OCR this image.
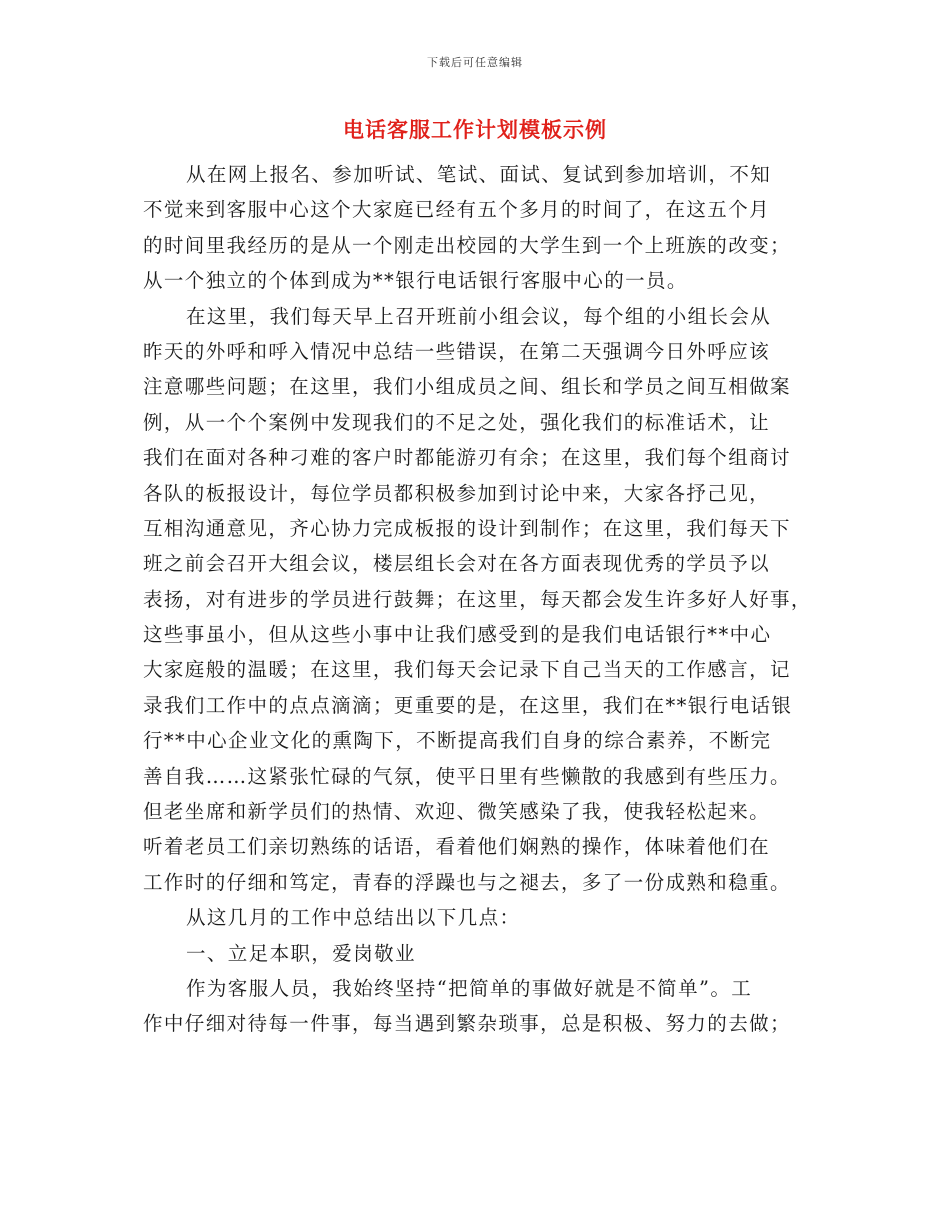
下载后可任意编辑
电话客服工作计划模板示例
从在网上报名、参加听试、笔试、面试、复试到参加培训，不知
不觉来到客服中心这个大家庭已经有五个多月的时间了，在这五个月
的时间里我经历的是从一个刚走出校园的大学生到一个上班族的改变；
从一个独立的个体到成为**银行电话银行客服中心的一员。
在这里，我们每天早上召开班前小组会议，每个组的小组长会从
昨天的外呼和呼入情况中总结一些错误，在第二天强调今日外呼应该
注意哪些问题；在这里，我们小组成员之间、组长和学员之间互相做案
例，从一个个案例中发现我们的不足之处，强化我们的标准话术，让
我们在面对各种刁难的客户时都能游刃有余；在这里，我们每个组商讨
各队的板报设计，每位学员都积极参加到讨论中来，大家各抒己见，
互相沟通意见，齐心协力完成板报的设计到制作；在这里，我们每天下
班之前会召开大组会议，楼层组长会对在各方面表现优秀的学员予以
表扬，对有进步的学员进行鼓舞；在这里，每天都会发生许多好人好事，
这些事虽小，但从这些小事中让我们感受到的是我们电话银行**中心
大家庭般的温暖；在这里，我们每天会记录下自己当天的工作感言，记
录我们工作中的点点滴滴；更重要的是，在这里，我们在**银行电话银
行**中心企业文化的熏陶下，不断提高我们自身的综合素养，不断完
善自我……这紧张忙碌的气氛，使平日里有些懒散的我感到有些压力。
但老坐席和新学员们的热情、欢迎、微笑感染了我，使我轻松起来。
听着老员工们亲切熟练的话语，看着他们娴熟的操作，体味着他们在
工作时的仔细和笃定，青春的浮躁也与之褪去，多了一份成熟和稳重。
从这几月的工作中总结出以下几点：
一、立足本职，爱岗敬业
作为客服人员，我始终坚持“把简单的事做好就是不简单”。工
作中仔细对待每一件事，每当遇到繁杂琐事，总是积极、努力的去做；
